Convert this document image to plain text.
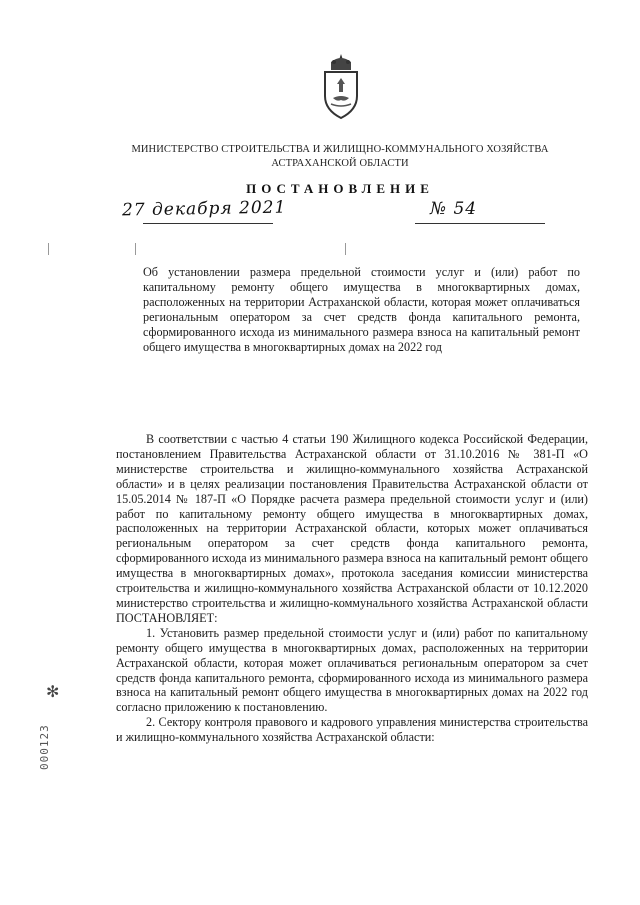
МИНИСТЕРСТВО СТРОИТЕЛЬСТВА И ЖИЛИЩНО-КОММУНАЛЬНОГО ХОЗЯЙСТВА
АСТРАХАНСКОЙ ОБЛАСТИ
ПОСТАНОВЛЕНИЕ
27 декабря 2021	№ 54
Об установлении размера предельной стоимости услуг и (или) работ по капитальному ремонту общего имущества в многоквартирных домах, расположенных на территории Астраханской области, которая может оплачиваться региональным оператором за счет средств фонда капитального ремонта, сформированного исхода из минимального размера взноса на капитальный ремонт общего имущества в многоквартирных домах на 2022 год

В соответствии с частью 4 статьи 190 Жилищного кодекса Российской Федерации, постановлением Правительства Астраханской области от 31.10.2016 № 381-П «О министерстве строительства и жилищно-коммунального хозяйства Астраханской области» и в целях реализации постановления Правительства Астраханской области от 15.05.2014 № 187-П «О Порядке расчета размера предельной стоимости услуг и (или) работ по капитальному ремонту общего имущества в многоквартирных домах, расположенных на территории Астраханской области, которых может оплачиваться региональным оператором за счет средств фонда капитального ремонта, сформированного исхода из минимального размера взноса на капитальный ремонт общего имущества в многоквартирных домах», протокола заседания комиссии министерства строительства и жилищно-коммунального хозяйства Астраханской области от 10.12.2020 министерство строительства и жилищно-коммунального хозяйства Астраханской области ПОСТАНОВЛЯЕТ:

1. Установить размер предельной стоимости услуг и (или) работ по капитальному ремонту общего имущества в многоквартирных домах, расположенных на территории Астраханской области, которая может оплачиваться региональным оператором за счет средств фонда капитального ремонта, сформированного исхода из минимального размера взноса на капитальный ремонт общего имущества в многоквартирных домах на 2022 год согласно приложению к постановлению.

2. Сектору контроля правового и кадрового управления министерства строительства и жилищно-коммунального хозяйства Астраханской области:

✻
000123
